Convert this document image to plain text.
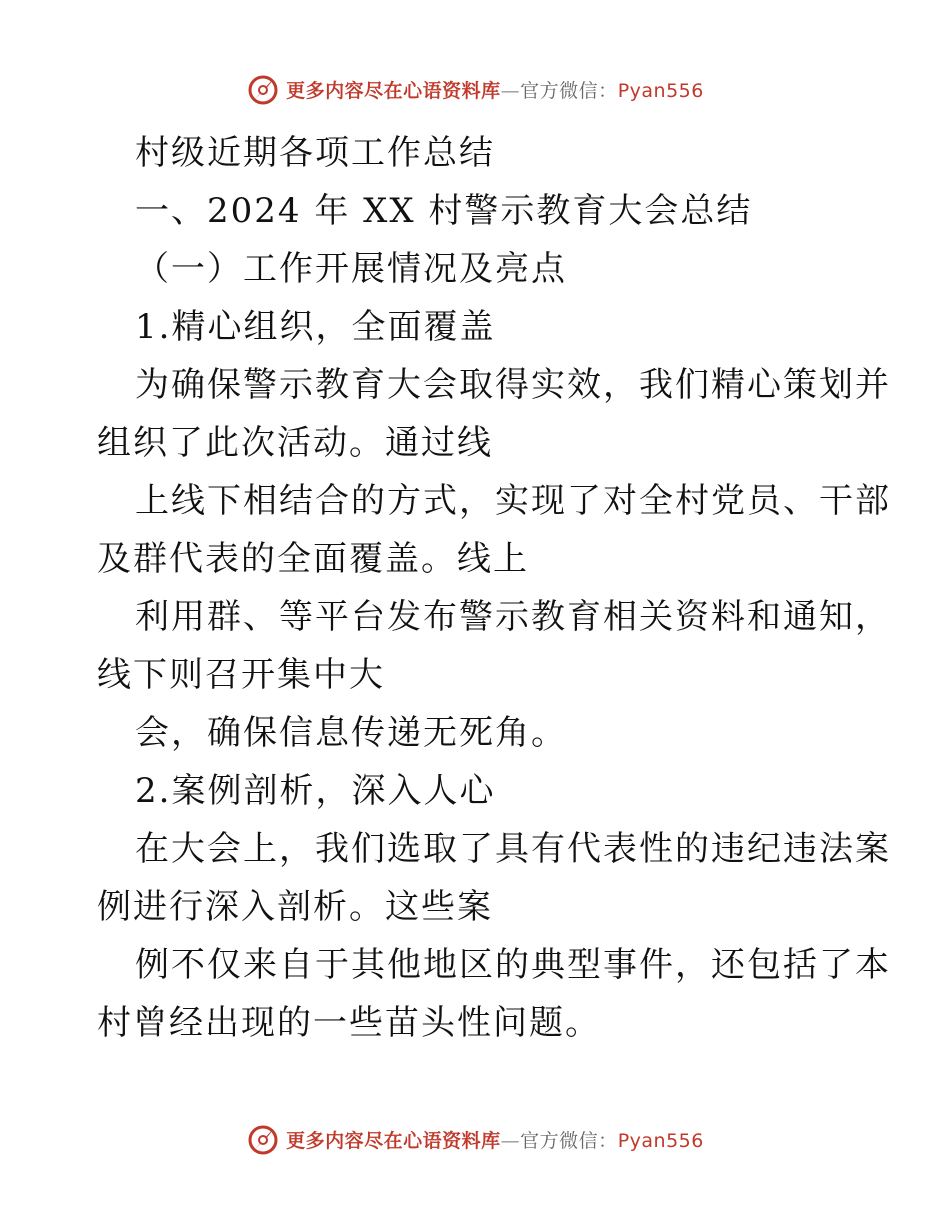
更多内容尽在心语资料库—官方微信：Pyan556
村级近期各项工作总结
一、2024 年 XX 村警示教育大会总结
（一）工作开展情况及亮点
1.精心组织，全面覆盖
为确保警示教育大会取得实效，我们精心策划并
组织了此次活动。通过线
上线下相结合的方式，实现了对全村党员、干部
及群代表的全面覆盖。线上
利用群、等平台发布警示教育相关资料和通知，
线下则召开集中大
会，确保信息传递无死角。
2.案例剖析，深入人心
在大会上，我们选取了具有代表性的违纪违法案
例进行深入剖析。这些案
例不仅来自于其他地区的典型事件，还包括了本
村曾经出现的一些苗头性问题。
更多内容尽在心语资料库—官方微信：Pyan556
